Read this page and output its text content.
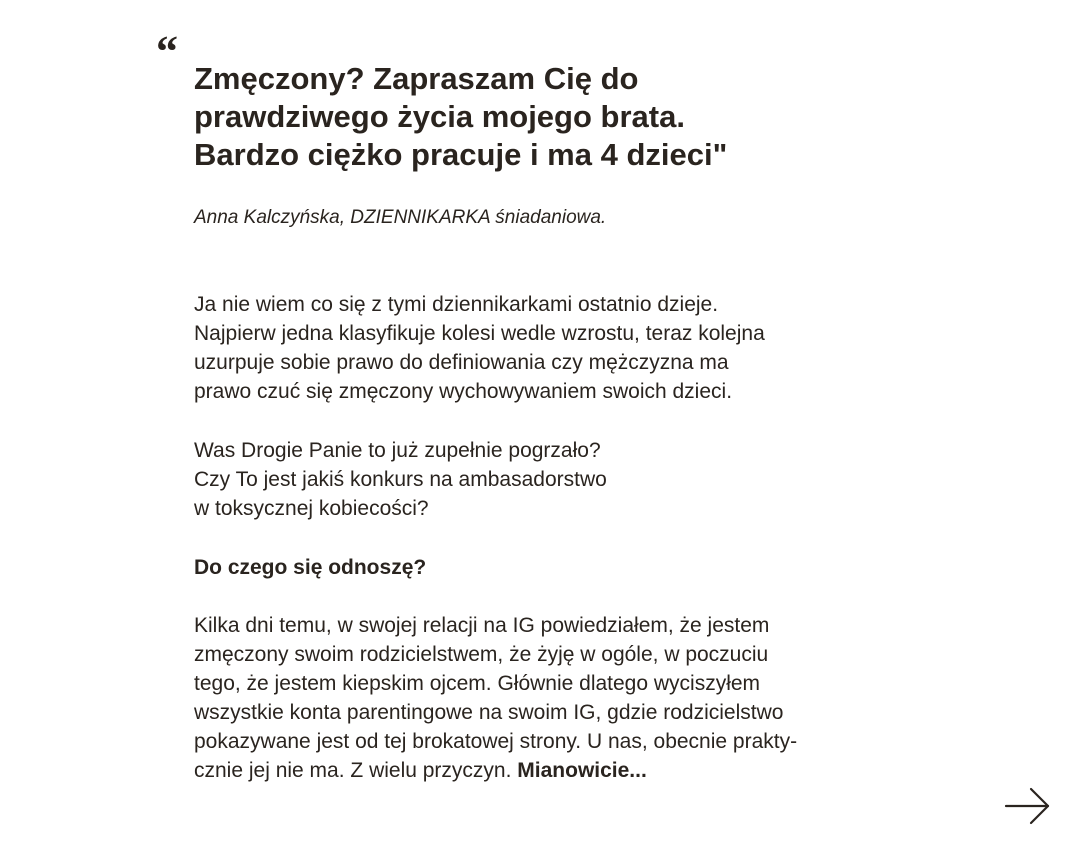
“
Zmęczony? Zapraszam Cię do
prawdziwego życia mojego brata.
Bardzo ciężko pracuje i ma 4 dzieci"
Anna Kalczyńska, DZIENNIKARKA śniadaniowa.
Ja nie wiem co się z tymi dziennikarkami ostatnio dzieje.
Najpierw jedna klasyfikuje kolesi wedle wzrostu, teraz kolejna
uzurpuje sobie prawo do definiowania czy mężczyzna ma
prawo czuć się zmęczony wychowywaniem swoich dzieci.
Was Drogie Panie to już zupełnie pogrzało?
Czy To jest jakiś konkurs na ambasadorstwo
w toksycznej kobiecości?
Do czego się odnoszę?
Kilka dni temu, w swojej relacji na IG powiedziałem, że jestem
zmęczony swoim rodzicielstwem, że żyję w ogóle, w poczuciu
tego, że jestem kiepskim ojcem. Głównie dlatego wyciszyłem
wszystkie konta parentingowe na swoim IG, gdzie rodzicielstwo
pokazywane jest od tej brokatowej strony. U nas, obecnie prakty-
cznie jej nie ma. Z wielu przyczyn. Mianowicie...
